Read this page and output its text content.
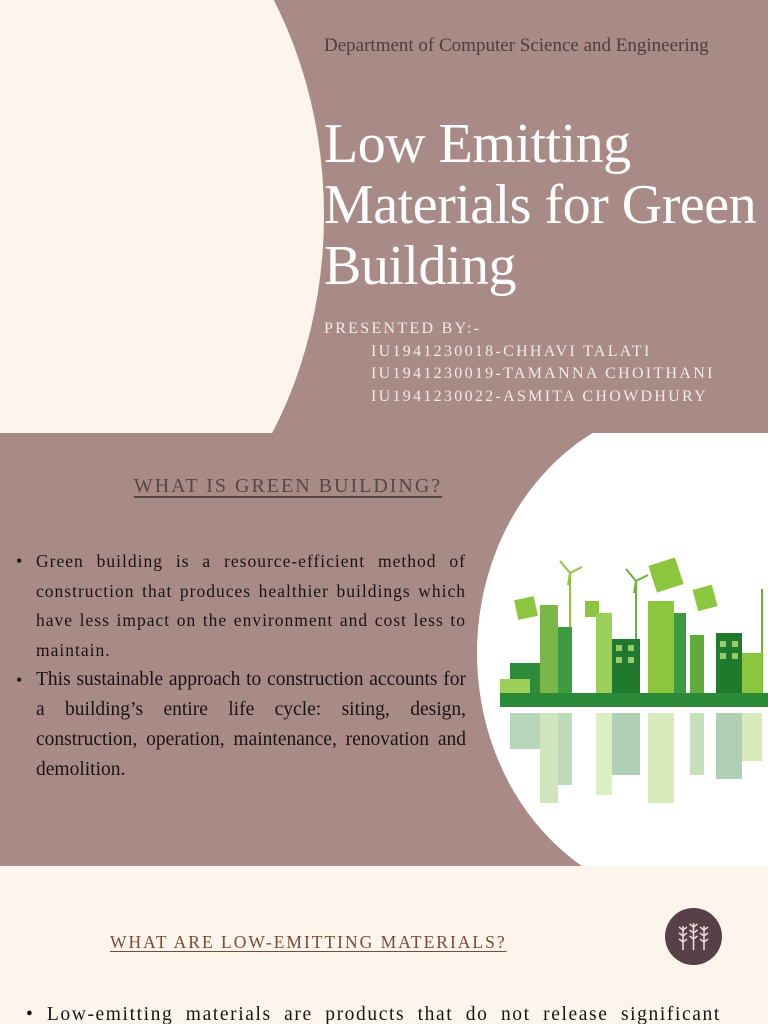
Department of Computer Science and Engineering
Low Emitting Materials for Green Building
PRESENTED BY:-
IU1941230018-CHHAVI TALATI
IU1941230019-TAMANNA CHOITHANI
IU1941230022-ASMITA CHOWDHURY
WHAT IS GREEN BUILDING?
• Green building is a resource-efficient method of construction that produces healthier buildings which have less impact on the environment and cost less to maintain.
• This sustainable approach to construction accounts for a building’s entire life cycle: siting, design, construction, operation, maintenance, renovation and demolition.
WHAT ARE LOW-EMITTING MATERIALS?
• Low-emitting materials are products that do not release significant
